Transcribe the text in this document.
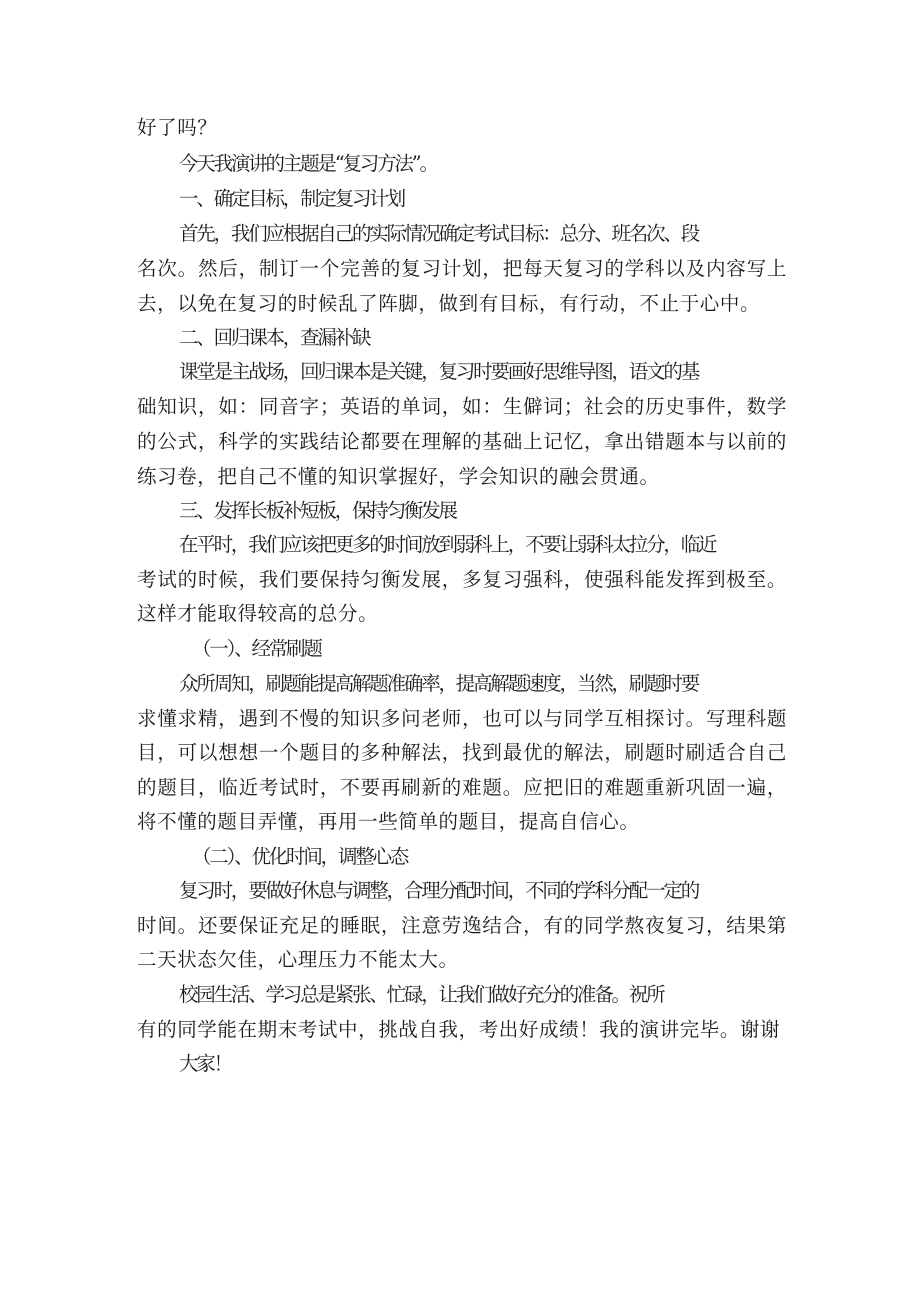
好了吗？
今天我演讲的主题是“复习方法”。
一、确定目标，制定复习计划
首先，我们应根据自己的实际情况确定考试目标：总分、班名次、段
名次。然后，制订一个完善的复习计划，把每天复习的学科以及内容写上
去，以免在复习的时候乱了阵脚，做到有目标，有行动，不止于心中。
二、回归课本，查漏补缺
课堂是主战场，回归课本是关键，复习时要画好思维导图，语文的基
础知识，如：同音字；英语的单词，如：生僻词；社会的历史事件，数学
的公式，科学的实践结论都要在理解的基础上记忆，拿出错题本与以前的
练习卷，把自己不懂的知识掌握好，学会知识的融会贯通。
三、发挥长板补短板，保持匀衡发展
在平时，我们应该把更多的时间放到弱科上，不要让弱科太拉分，临近
考试的时候，我们要保持匀衡发展，多复习强科，使强科能发挥到极至。
这样才能取得较高的总分。
（一）、经常刷题
众所周知，刷题能提高解题准确率，提高解题速度，当然，刷题时要
求懂求精，遇到不慢的知识多问老师，也可以与同学互相探讨。写理科题
目，可以想想一个题目的多种解法，找到最优的解法，刷题时刷适合自己
的题目，临近考试时，不要再刷新的难题。应把旧的难题重新巩固一遍，
将不懂的题目弄懂，再用一些简单的题目，提高自信心。
（二）、优化时间，调整心态
复习时，要做好休息与调整，合理分配时间，不同的学科分配一定的
时间。还要保证充足的睡眠，注意劳逸结合，有的同学熬夜复习，结果第
二天状态欠佳，心理压力不能太大。
校园生活、学习总是紧张、忙碌，让我们做好充分的准备。祝所
有的同学能在期末考试中，挑战自我，考出好成绩！我的演讲完毕。谢谢
大家！
